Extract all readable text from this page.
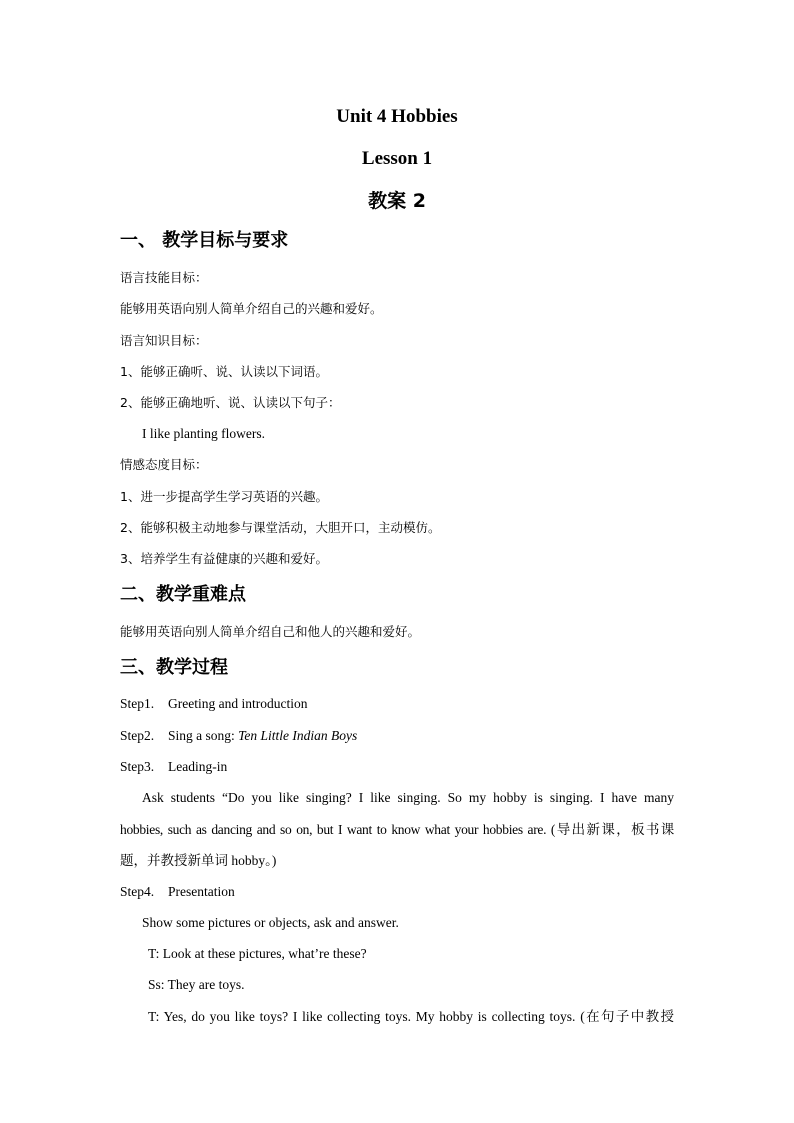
Unit 4 Hobbies
Lesson 1
教案 2
一、 教学目标与要求
语言技能目标：
能够用英语向别人简单介绍自己的兴趣和爱好。
语言知识目标：
1、能够正确听、说、认读以下词语。
2、能够正确地听、说、认读以下句子：
I like planting flowers.
情感态度目标：
1、进一步提高学生学习英语的兴趣。
2、能够积极主动地参与课堂活动，大胆开口，主动模仿。
3、培养学生有益健康的兴趣和爱好。
二、教学重难点
能够用英语向别人简单介绍自己和他人的兴趣和爱好。
三、教学过程
Step1. Greeting and introduction
Step2. Sing a song: Ten Little Indian Boys
Step3. Leading-in
Ask students “Do you like singing? I like singing. So my hobby is singing. I have many
hobbies, such as dancing and so on, but I want to know what your hobbies are. (导出新课，板书课
题，并教授新单词 hobby。)
Step4. Presentation
Show some pictures or objects, ask and answer.
T: Look at these pictures, what’re these?
Ss: They are toys.
T: Yes, do you like toys? I like collecting toys. My hobby is collecting toys. (在句子中教授
